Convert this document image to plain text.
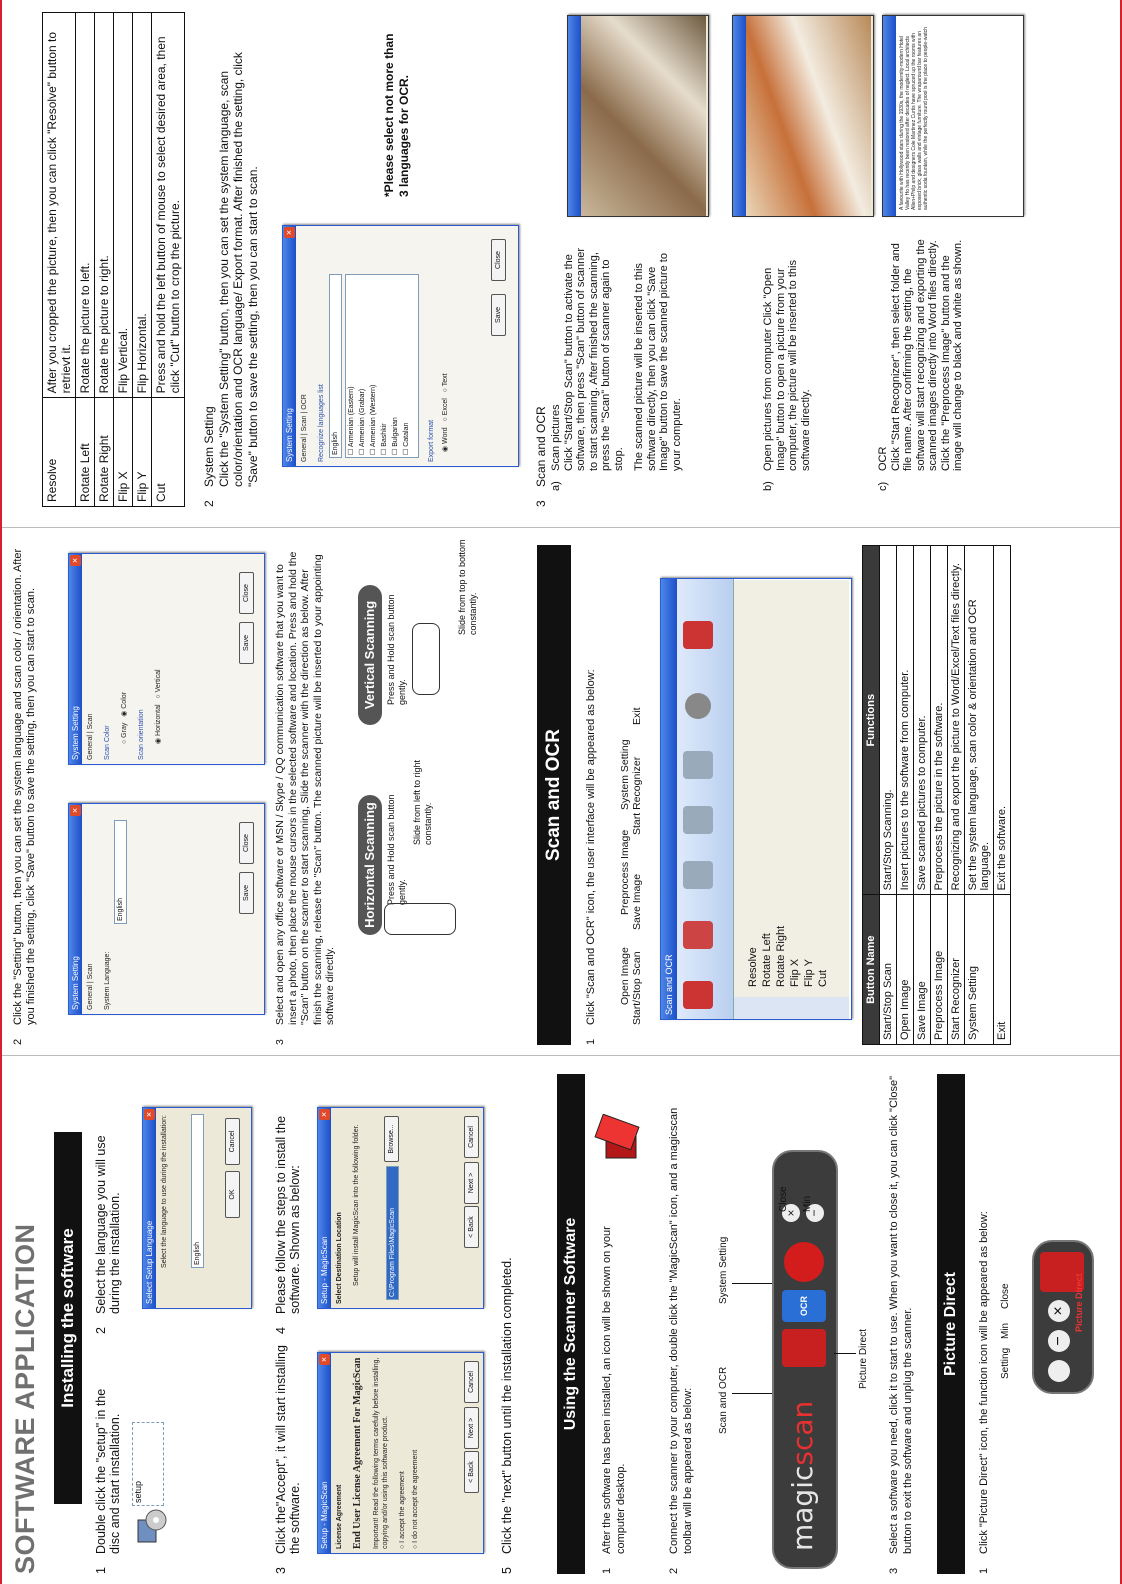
SOFTWARE APPLICATION Installing the software
1
Double click the "setup" in the disc and start installation. setup
2
Select the language you will use during the installation.	Select Setup Language
×
Select the language to use during the installation:	English
OK
Cancel
3
Click the"Accept", it will start installing the software. Setup - MagicScan
×
License Agreement End User License Agreement For MagicScan	Important! Read the following terms carefully before installing, copying and/or using this software product.	○ I accept the agreement
○ I do not accept the agreement	< Back
Next >
Cancel
4
Please follow the steps to install the software. Shown as below: Setup - MagicScan
×
Select Destination Location	Setup will install MagicScan into the following folder.	C:\Program Files\MagicScan
Browse...
< Back
Next >
Cancel
5
Click the "next" button until the installation completed.	Using the Scanner Software
1
After the software has been installed, an icon will be shown on your computer desktop.
2
Connect the scanner to your computer, double click the "MagicScan" icon, and a magicscan toolbar will be appeared as below: Scan and OCR
System Setting
magicscan
OCR
× −
Close Min
Picture Direct
3
Select a software you need, click it to start to use. When you want to close it, you can click "Close" button to exit the software and unplug the scanner.	Picture Direct
1
Click "Picture Direct" icon, the function icon will be appeared as below: Setting
Min
Close
−
× Picture Direct
2
Click the "Setting" button, then you can set the system language and scan color / orientation. After you finished the setting, click "Save" button to save the setting, then you can start to scan.	System Setting
×
General | Scan	System Language:
English
Save
Close
System Setting
×
General | Scan
Scan Color	○ Gray   ◉ Color
Scan orientation	◉ Horizontal   ○ Vertical
Save
Close
3
Select and open any office software or MSN / Skype / QQ communication software that you want to insert a photo, then place the mouse cursors in the selected software and location. Press and hold the "Scan" button on the scanner to start scanning, Slide the scanner with the direction as below. After finish the scanning, release the "Scan" button. The scanned picture will be inserted to your appointing software directly.
Horizontal Scanning	Press and Hold scan button gently.
Slide from left to right constantly.
Vertical Scanning	Press and Hold scan button gently.
Slide from top to bottom constantly.
Scan and OCR
1
Click "Scan and OCR" icon, the user interface will be appeared as below:	Start/Stop Scan
Open Image
Save Image
Preprocess Image
Start Recognizer
System Setting
Exit
Scan and OCR	Resolve Rotate Left Rotate Right Flip X Flip Y Cut	Button Name	Functions
Start/Stop Scan	Start/Stop Scanning.
Open Image	Insert pictures to the software from computer.
Save Image	Save scanned pictures to computer.
Preprocess Image	Preprocess the picture in the software.
Start Recognizer	Recognizing and export the picture to Word/Excel/Text files directly.
System Setting	Set the system language, scan color & orientation and OCR language.
Exit	Exit the software.
Resolve	After you cropped the picture, then you can click "Resolve" button to retrievt it.
Rotate Left	Rotate the picture to left.
Rotate Right	Rotate the picture to right.
Flip X	Flip Vertical.
Flip Y	Flip Horizontal.
Cut	Press and hold the left button of mouse to select desired area, then click "Cut" button to crop the picture.
2
System Setting Click the "System Setting" button, then you can set the system language, scan color/orientation and OCR language/ Export format. After finished the setting, click "Save" button to save the setting, then you can start to scan.	System Setting
×
General | Scan | OCR	Recognize languages list	English	☐ Armenian (Eastern)
☐ Armenian (Grabar)
☐ Armenian (Western)
☐ Bashkir
☐ Bulgarian
☐ Catalan	Export format	◉ Word   ○ Excel   ○ Text
Save
Close
*Please select not more than 3 languages for OCR.
3
Scan and OCR a)
Scan pictures Click "Start/Stop Scan" button to activate the software, then press "Scan" button of scanner to start scanning. After finished the scanning, press the "Scan" button of scanner again to stop. The scanned picture will be inserted to this software directly, then you can click "Save Image" button to save the scanned picture to your computer.
b)
Open pictures from computer Click "Open Image" button to open a picture from your computer, the picture will be inserted to this software directly.
c)
OCR Click "Start Recognizer", then select folder and file name. After confirming the setting, the software will start recognizing and exporting the scanned images directly into Word files directly. Click the "Preprocess Image" button and the image will change to black and white as shown.
A favourite with Hollywood stars during the 1930s, the modernity-modern Hotel Valley Ho has recently been restored after decades of neglect. Local architects Allen+Philp and designers Cole Martinez Curtis have spruced up the rooms with exposed brick, glass walls and vintage furniture. The wraparound bar features an authentic soda fountain, while the perfectly round pool is the place to people-watch
